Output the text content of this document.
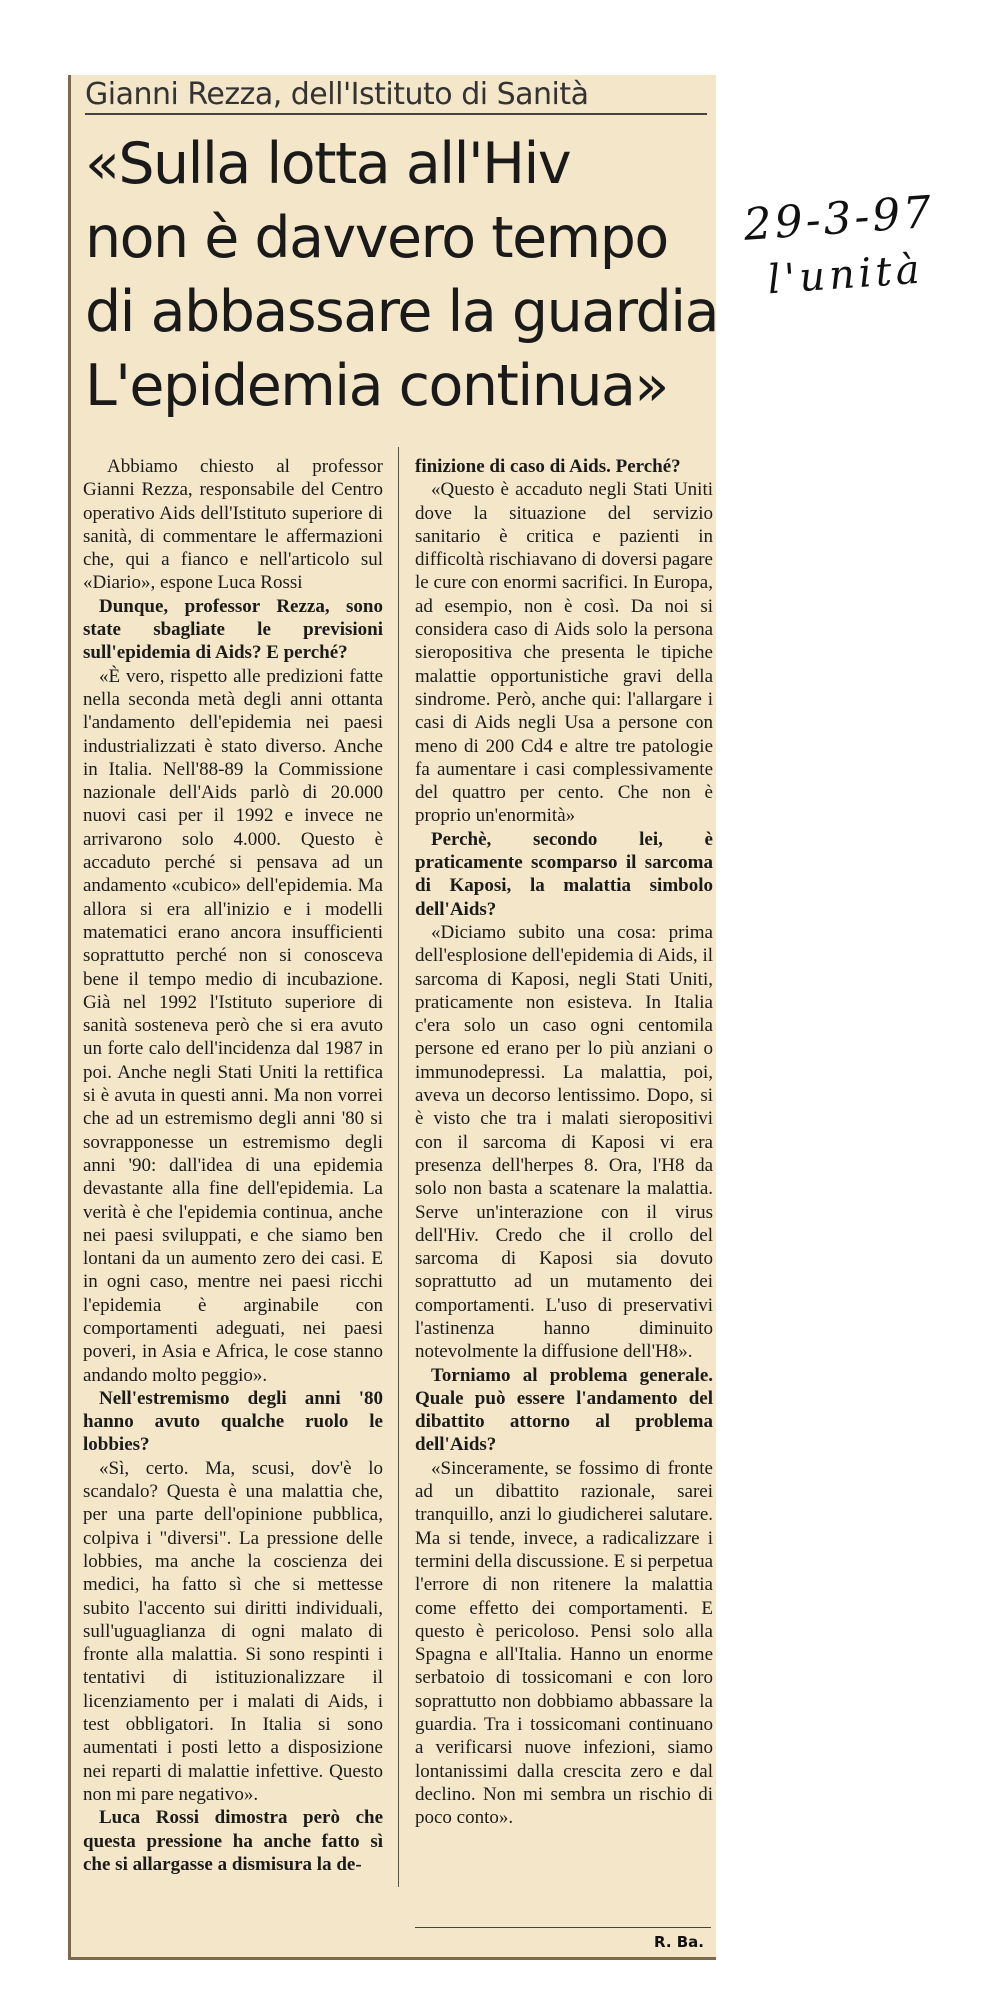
Gianni Rezza, dell'Istituto di Sanità
«Sulla lotta all'Hiv
non è davvero tempo
di abbassare la guardia
L'epidemia continua»

Abbiamo chiesto al professor Gianni Rezza, responsabile del Centro operativo Aids dell'Istituto superiore di sanità, di commentare le affermazioni che, qui a fianco e nell'articolo sul «Diario», espone Luca Rossi

Dunque, professor Rezza, sono state sbagliate le previsioni sull'epidemia di Aids? E perché?

«È vero, rispetto alle predizioni fatte nella seconda metà degli anni ottanta l'andamento dell'epidemia nei paesi industrializzati è stato diverso. Anche in Italia. Nell'88-89 la Commissione nazionale dell'Aids parlò di 20.000 nuovi casi per il 1992 e invece ne arrivarono solo 4.000. Questo è accaduto perché si pensava ad un andamento «cubico» dell'epidemia. Ma allora si era all'inizio e i modelli matematici erano ancora insufficienti soprattutto perché non si conosceva bene il tempo medio di incubazione. Già nel 1992 l'Istituto superiore di sanità sosteneva però che si era avuto un forte calo dell'incidenza dal 1987 in poi. Anche negli Stati Uniti la rettifica si è avuta in questi anni. Ma non vorrei che ad un estremismo degli anni '80 si sovrapponesse un estremismo degli anni '90: dall'idea di una epidemia devastante alla fine dell'epidemia. La verità è che l'epidemia continua, anche nei paesi sviluppati, e che siamo ben lontani da un aumento zero dei casi. E in ogni caso, mentre nei paesi ricchi l'epidemia è arginabile con comportamenti adeguati, nei paesi poveri, in Asia e Africa, le cose stanno andando molto peggio».

Nell'estremismo degli anni '80 hanno avuto qualche ruolo le lobbies?

«Sì, certo. Ma, scusi, dov'è lo scandalo? Questa è una malattia che, per una parte dell'opinione pubblica, colpiva i "diversi". La pressione delle lobbies, ma anche la coscienza dei medici, ha fatto sì che si mettesse subito l'accento sui diritti individuali, sull'uguaglianza di ogni malato di fronte alla malattia. Si sono respinti i tentativi di istituzionalizzare il licenziamento per i malati di Aids, i test obbligatori. In Italia si sono aumentati i posti letto a disposizione nei reparti di malattie infettive. Questo non mi pare negativo».

Luca Rossi dimostra però che questa pressione ha anche fatto sì che si allargasse a dismisura la de-

finizione di caso di Aids. Perché?

«Questo è accaduto negli Stati Uniti dove la situazione del servizio sanitario è critica e pazienti in difficoltà rischiavano di doversi pagare le cure con enormi sacrifici. In Europa, ad esempio, non è così. Da noi si considera caso di Aids solo la persona sieropositiva che presenta le tipiche malattie opportunistiche gravi della sindrome. Però, anche qui: l'allargare i casi di Aids negli Usa a persone con meno di 200 Cd4 e altre tre patologie fa aumentare i casi complessivamente del quattro per cento. Che non è proprio un'enormità»

Perchè, secondo lei, è praticamente scomparso il sarcoma di Kaposi, la malattia simbolo dell'Aids?

«Diciamo subito una cosa: prima dell'esplosione dell'epidemia di Aids, il sarcoma di Kaposi, negli Stati Uniti, praticamente non esisteva. In Italia c'era solo un caso ogni centomila persone ed erano per lo più anziani o immunodepressi. La malattia, poi, aveva un decorso lentissimo. Dopo, si è visto che tra i malati sieropositivi con il sarcoma di Kaposi vi era presenza dell'herpes 8. Ora, l'H8 da solo non basta a scatenare la malattia. Serve un'interazione con il virus dell'Hiv. Credo che il crollo del sarcoma di Kaposi sia dovuto soprattutto ad un mutamento dei comportamenti. L'uso di preservativi l'astinenza hanno diminuito notevolmente la diffusione dell'H8».

Torniamo al problema generale. Quale può essere l'andamento del dibattito attorno al problema dell'Aids?

«Sinceramente, se fossimo di fronte ad un dibattito razionale, sarei tranquillo, anzi lo giudicherei salutare. Ma si tende, invece, a radicalizzare i termini della discussione. E si perpetua l'errore di non ritenere la malattia come effetto dei comportamenti. E questo è pericoloso. Pensi solo alla Spagna e all'Italia. Hanno un enorme serbatoio di tossicomani e con loro soprattutto non dobbiamo abbassare la guardia. Tra i tossicomani continuano a verificarsi nuove infezioni, siamo lontanissimi dalla crescita zero e dal declino. Non mi sembra un rischio di poco conto».

R. Ba.
29-3-97
l'unità
